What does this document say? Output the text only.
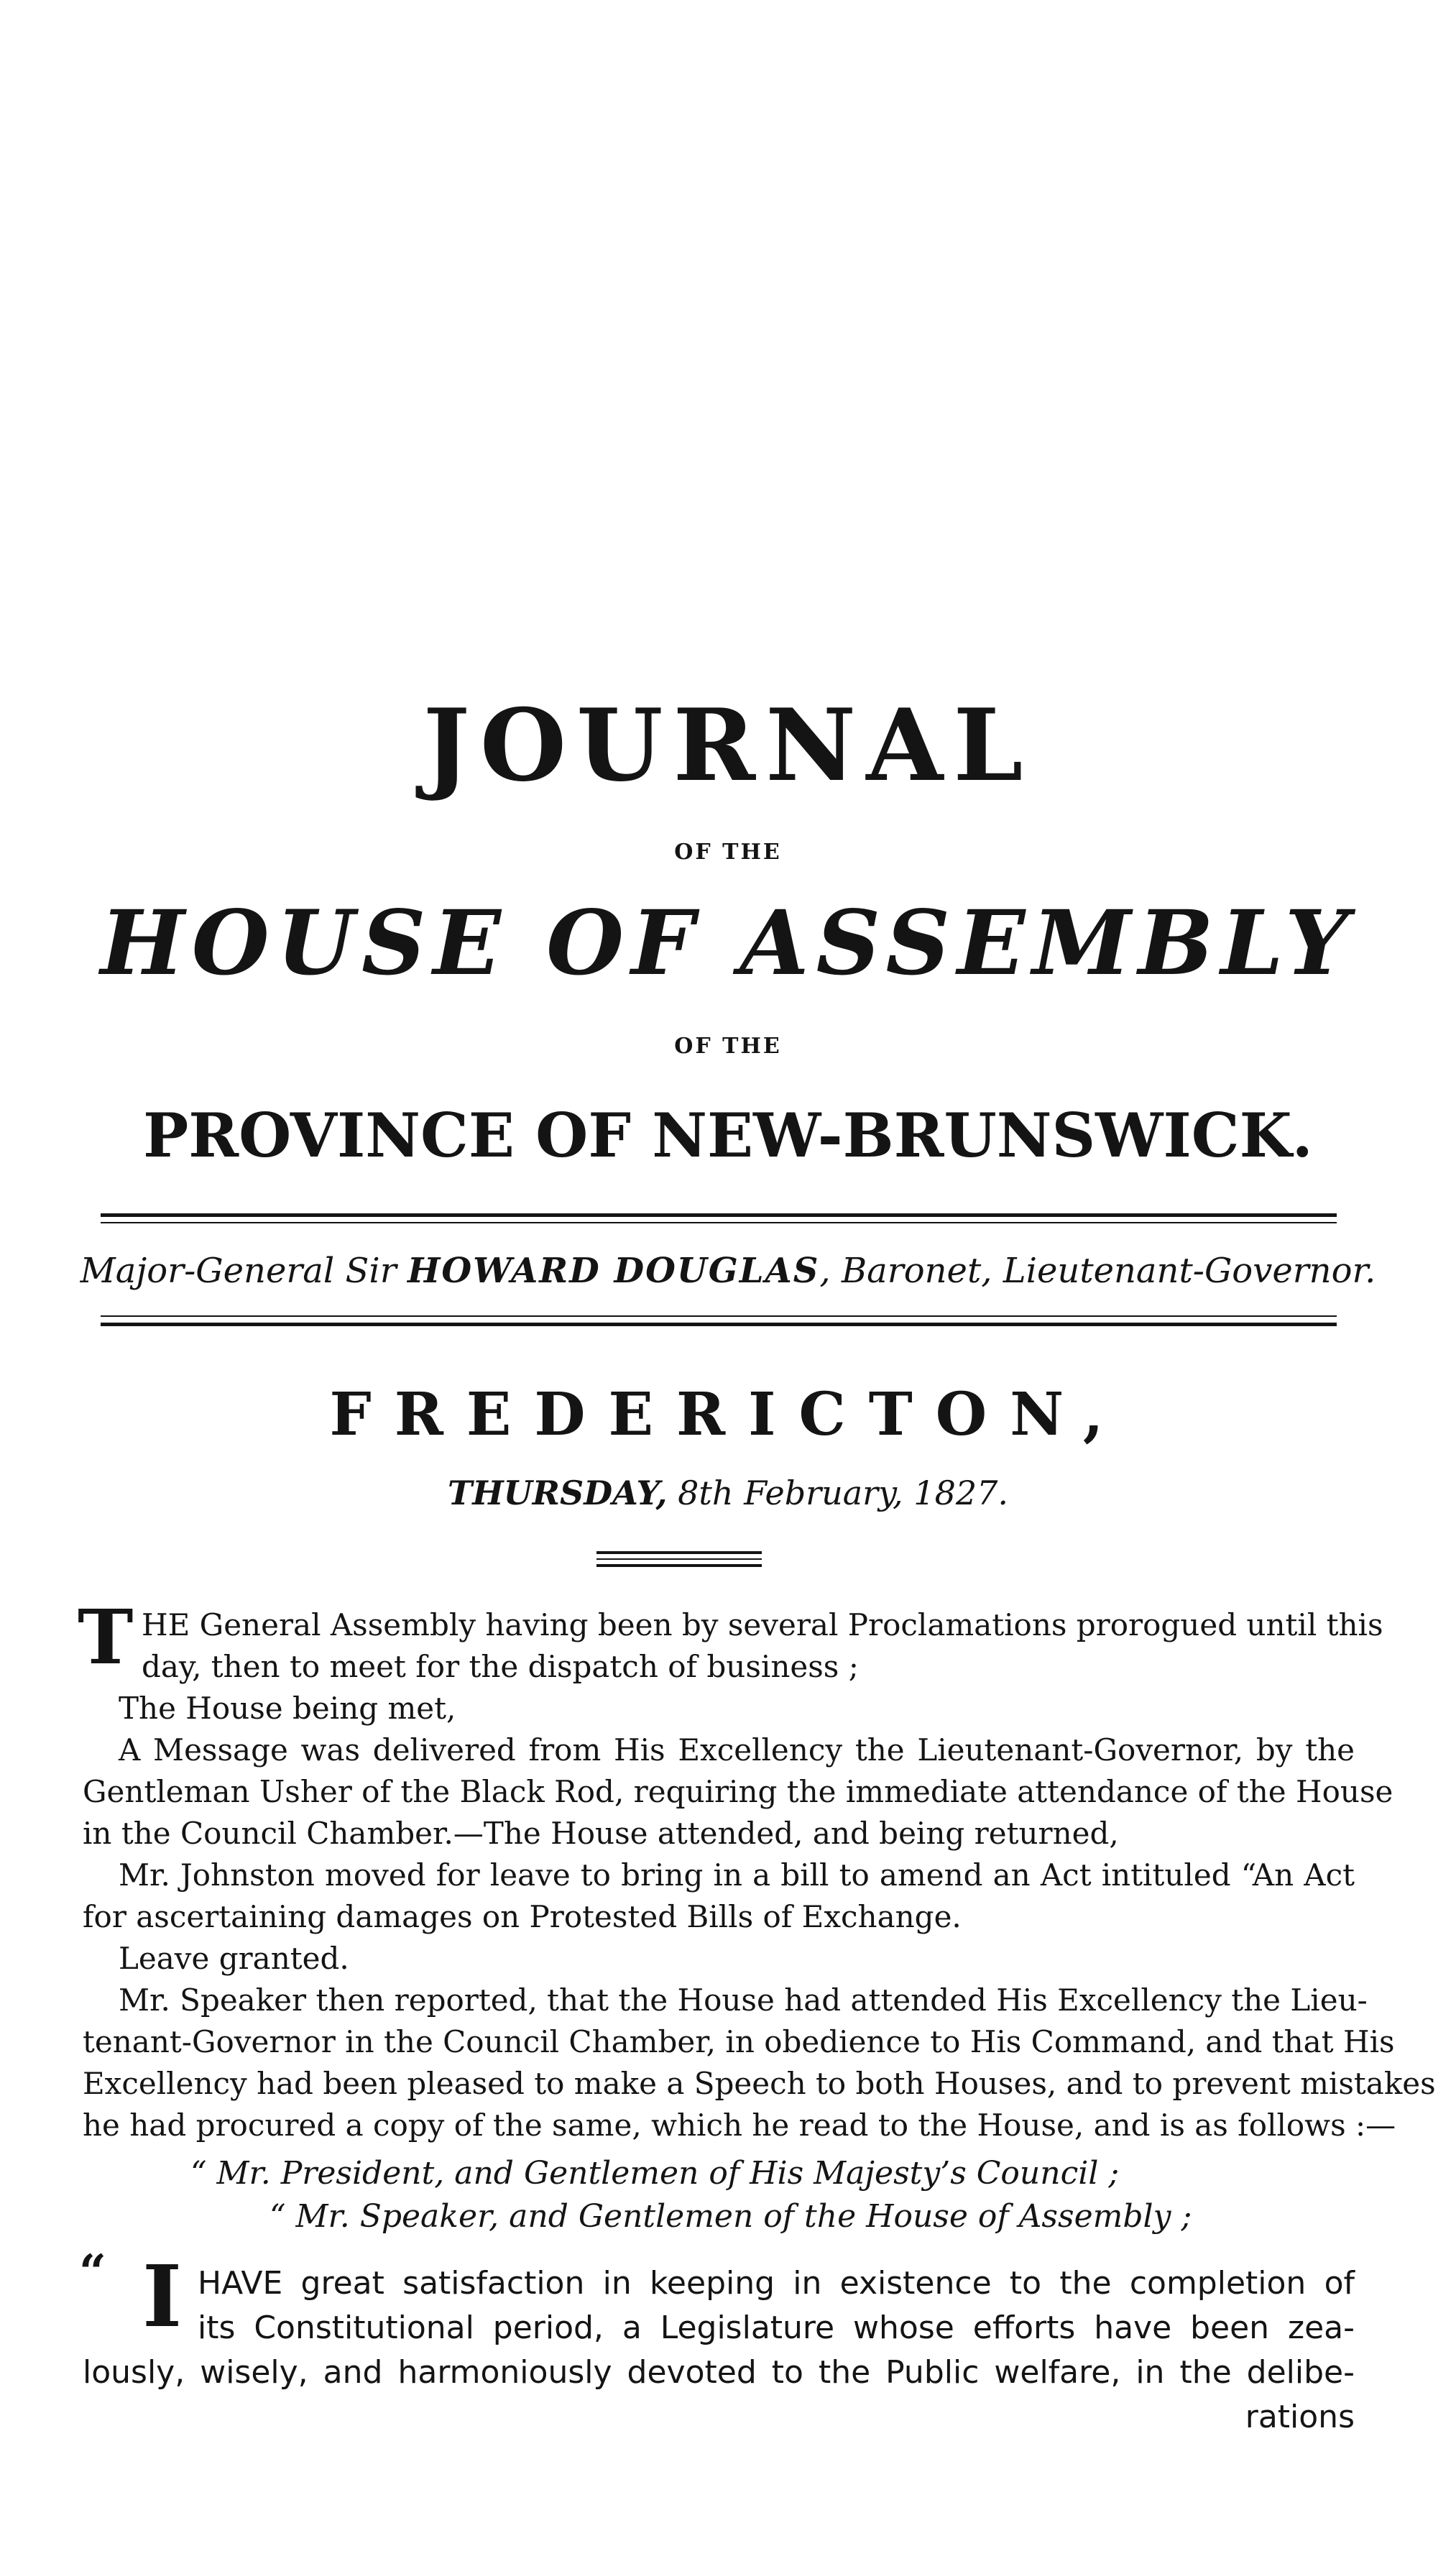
JOURNAL
OF THE
HOUSE OF ASSEMBLY
OF THE
PROVINCE OF NEW-BRUNSWICK.
Major-General Sir HOWARD DOUGLAS, Baronet, Lieutenant-Governor.
FREDERICTON,
THURSDAY, 8th February, 1827.
T HE General Assembly having been by several Proclamations prorogued until this
day, then to meet for the dispatch of business ;
The House being met,
A Message was delivered from His Excellency the Lieutenant-Governor, by the
Gentleman Usher of the Black Rod, requiring the immediate attendance of the House
in the Council Chamber.—The House attended, and being returned,
Mr. Johnston moved for leave to bring in a bill to amend an Act intituled “An Act
for ascertaining damages on Protested Bills of Exchange.
Leave granted.
Mr. Speaker then reported, that the House had attended His Excellency the Lieu-
tenant-Governor in the Council Chamber, in obedience to His Command, and that His
Excellency had been pleased to make a Speech to both Houses, and to prevent mistakes
he had procured a copy of the same, which he read to the House, and is as follows :—
“ Mr. President, and Gentlemen of His Majesty’s Council ;
“ Mr. Speaker, and Gentlemen of the House of Assembly ;
“ I HAVE great satisfaction in keeping in existence to the completion of
its Constitutional period, a Legislature whose efforts have been zea-
lously, wisely, and harmoniously devoted to the Public welfare, in the delibe-
rations
